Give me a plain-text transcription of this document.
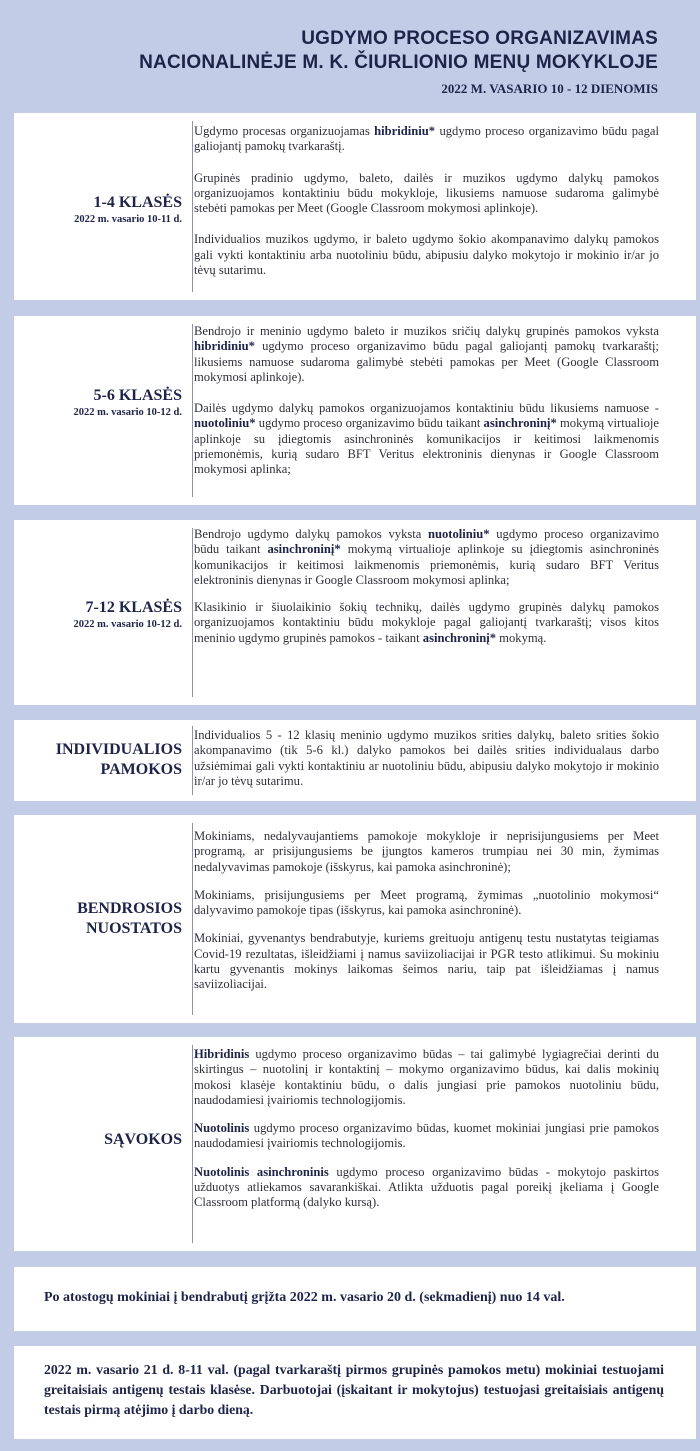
UGDYMO PROCESO ORGANIZAVIMAS
NACIONALINĖJE M. K. ČIURLIONIO MENŲ MOKYKLOJE
2022 M. VASARIO 10 - 12 DIENOMIS
1-4 KLASĖS
2022 m. vasario 10-11 d.

Ugdymo procesas organizuojamas hibridiniu* ugdymo proceso organizavimo būdu pagal galiojantį pamokų tvarkaraštį.

Grupinės pradinio ugdymo, baleto, dailės ir muzikos ugdymo dalykų pamokos organizuojamos kontaktiniu būdu mokykloje, likusiems namuose sudaroma galimybė stebėti pamokas per Meet (Google Classroom mokymosi aplinkoje).

Individualios muzikos ugdymo, ir baleto ugdymo šokio akompanavimo dalykų pamokos gali vykti kontaktiniu arba nuotoliniu būdu, abipusiu dalyko mokytojo ir mokinio ir/ar jo tėvų sutarimu.

5-6 KLASĖS
2022 m. vasario 10-12 d.

Bendrojo ir meninio ugdymo baleto ir muzikos sričių dalykų grupinės pamokos vyksta hibridiniu* ugdymo proceso organizavimo būdu pagal galiojantį pamokų tvarkaraštį; likusiems namuose sudaroma galimybė stebėti pamokas per Meet (Google Classroom mokymosi aplinkoje).

Dailės ugdymo dalykų pamokos organizuojamos kontaktiniu būdu likusiems namuose - nuotoliniu* ugdymo proceso organizavimo būdu taikant asinchroninį* mokymą virtualioje aplinkoje su įdiegtomis asinchroninės komunikacijos ir keitimosi laikmenomis priemonėmis, kurią sudaro BFT Veritus elektroninis dienynas ir Google Classroom mokymosi aplinka;

7-12 KLASĖS
2022 m. vasario 10-12 d.

Bendrojo ugdymo dalykų pamokos vyksta nuotoliniu* ugdymo proceso organizavimo būdu taikant asinchroninį* mokymą virtualioje aplinkoje su įdiegtomis asinchroninės komunikacijos ir keitimosi laikmenomis priemonėmis, kurią sudaro BFT Veritus elektroninis dienynas ir Google Classroom mokymosi aplinka;

Klasikinio ir šiuolaikinio šokių technikų, dailės ugdymo grupinės dalykų pamokos organizuojamos kontaktiniu būdu mokykloje pagal galiojantį tvarkaraštį; visos kitos meninio ugdymo grupinės pamokos - taikant asinchroninį* mokymą.

INDIVIDUALIOS
PAMOKOS

Individualios 5 - 12 klasių meninio ugdymo muzikos srities dalykų, baleto srities šokio akompanavimo (tik 5-6 kl.) dalyko pamokos bei dailės srities individualaus darbo užsiėmimai gali vykti kontaktiniu ar nuotoliniu būdu, abipusiu dalyko mokytojo ir mokinio ir/ar jo tėvų sutarimu.

BENDROSIOS
NUOSTATOS

Mokiniams, nedalyvaujantiems pamokoje mokykloje ir neprisijungusiems per Meet programą, ar prisijungusiems be įjungtos kameros trumpiau nei 30 min, žymimas nedalyvavimas pamokoje (išskyrus, kai pamoka asinchroninė);

Mokiniams, prisijungusiems per Meet programą, žymimas „nuotolinio mokymosi“ dalyvavimo pamokoje tipas (išskyrus, kai pamoka asinchroninė).

Mokiniai, gyvenantys bendrabutyje, kuriems greituoju antigenų testu nustatytas teigiamas Covid-19 rezultatas, išleidžiami į namus saviizoliacijai ir PGR testo atlikimui. Su mokiniu kartu gyvenantis mokinys laikomas šeimos nariu, taip pat išleidžiamas į namus saviizoliacijai.

SĄVOKOS

Hibridinis ugdymo proceso organizavimo būdas – tai galimybė lygiagrečiai derinti du skirtingus – nuotolinį ir kontaktinį – mokymo organizavimo būdus, kai dalis mokinių mokosi klasėje kontaktiniu būdu, o dalis jungiasi prie pamokos nuotoliniu būdu, naudodamiesi įvairiomis technologijomis.

Nuotolinis ugdymo proceso organizavimo būdas, kuomet mokiniai jungiasi prie pamokos naudodamiesi įvairiomis technologijomis.

Nuotolinis asinchroninis ugdymo proceso organizavimo būdas - mokytojo paskirtos užduotys atliekamos savarankiškai. Atlikta užduotis pagal poreikį įkeliama į Google Classroom platformą (dalyko kursą).

Po atostogų mokiniai į bendrabutį grįžta 2022 m. vasario 20 d. (sekmadienį) nuo 14 val.
2022 m. vasario 21 d. 8-11 val. (pagal tvarkaraštį pirmos grupinės pamokos metu) mokiniai testuojami greitaisiais antigenų testais klasėse. Darbuotojai (įskaitant ir mokytojus) testuojasi greitaisiais antigenų testais pirmą atėjimo į darbo dieną.
